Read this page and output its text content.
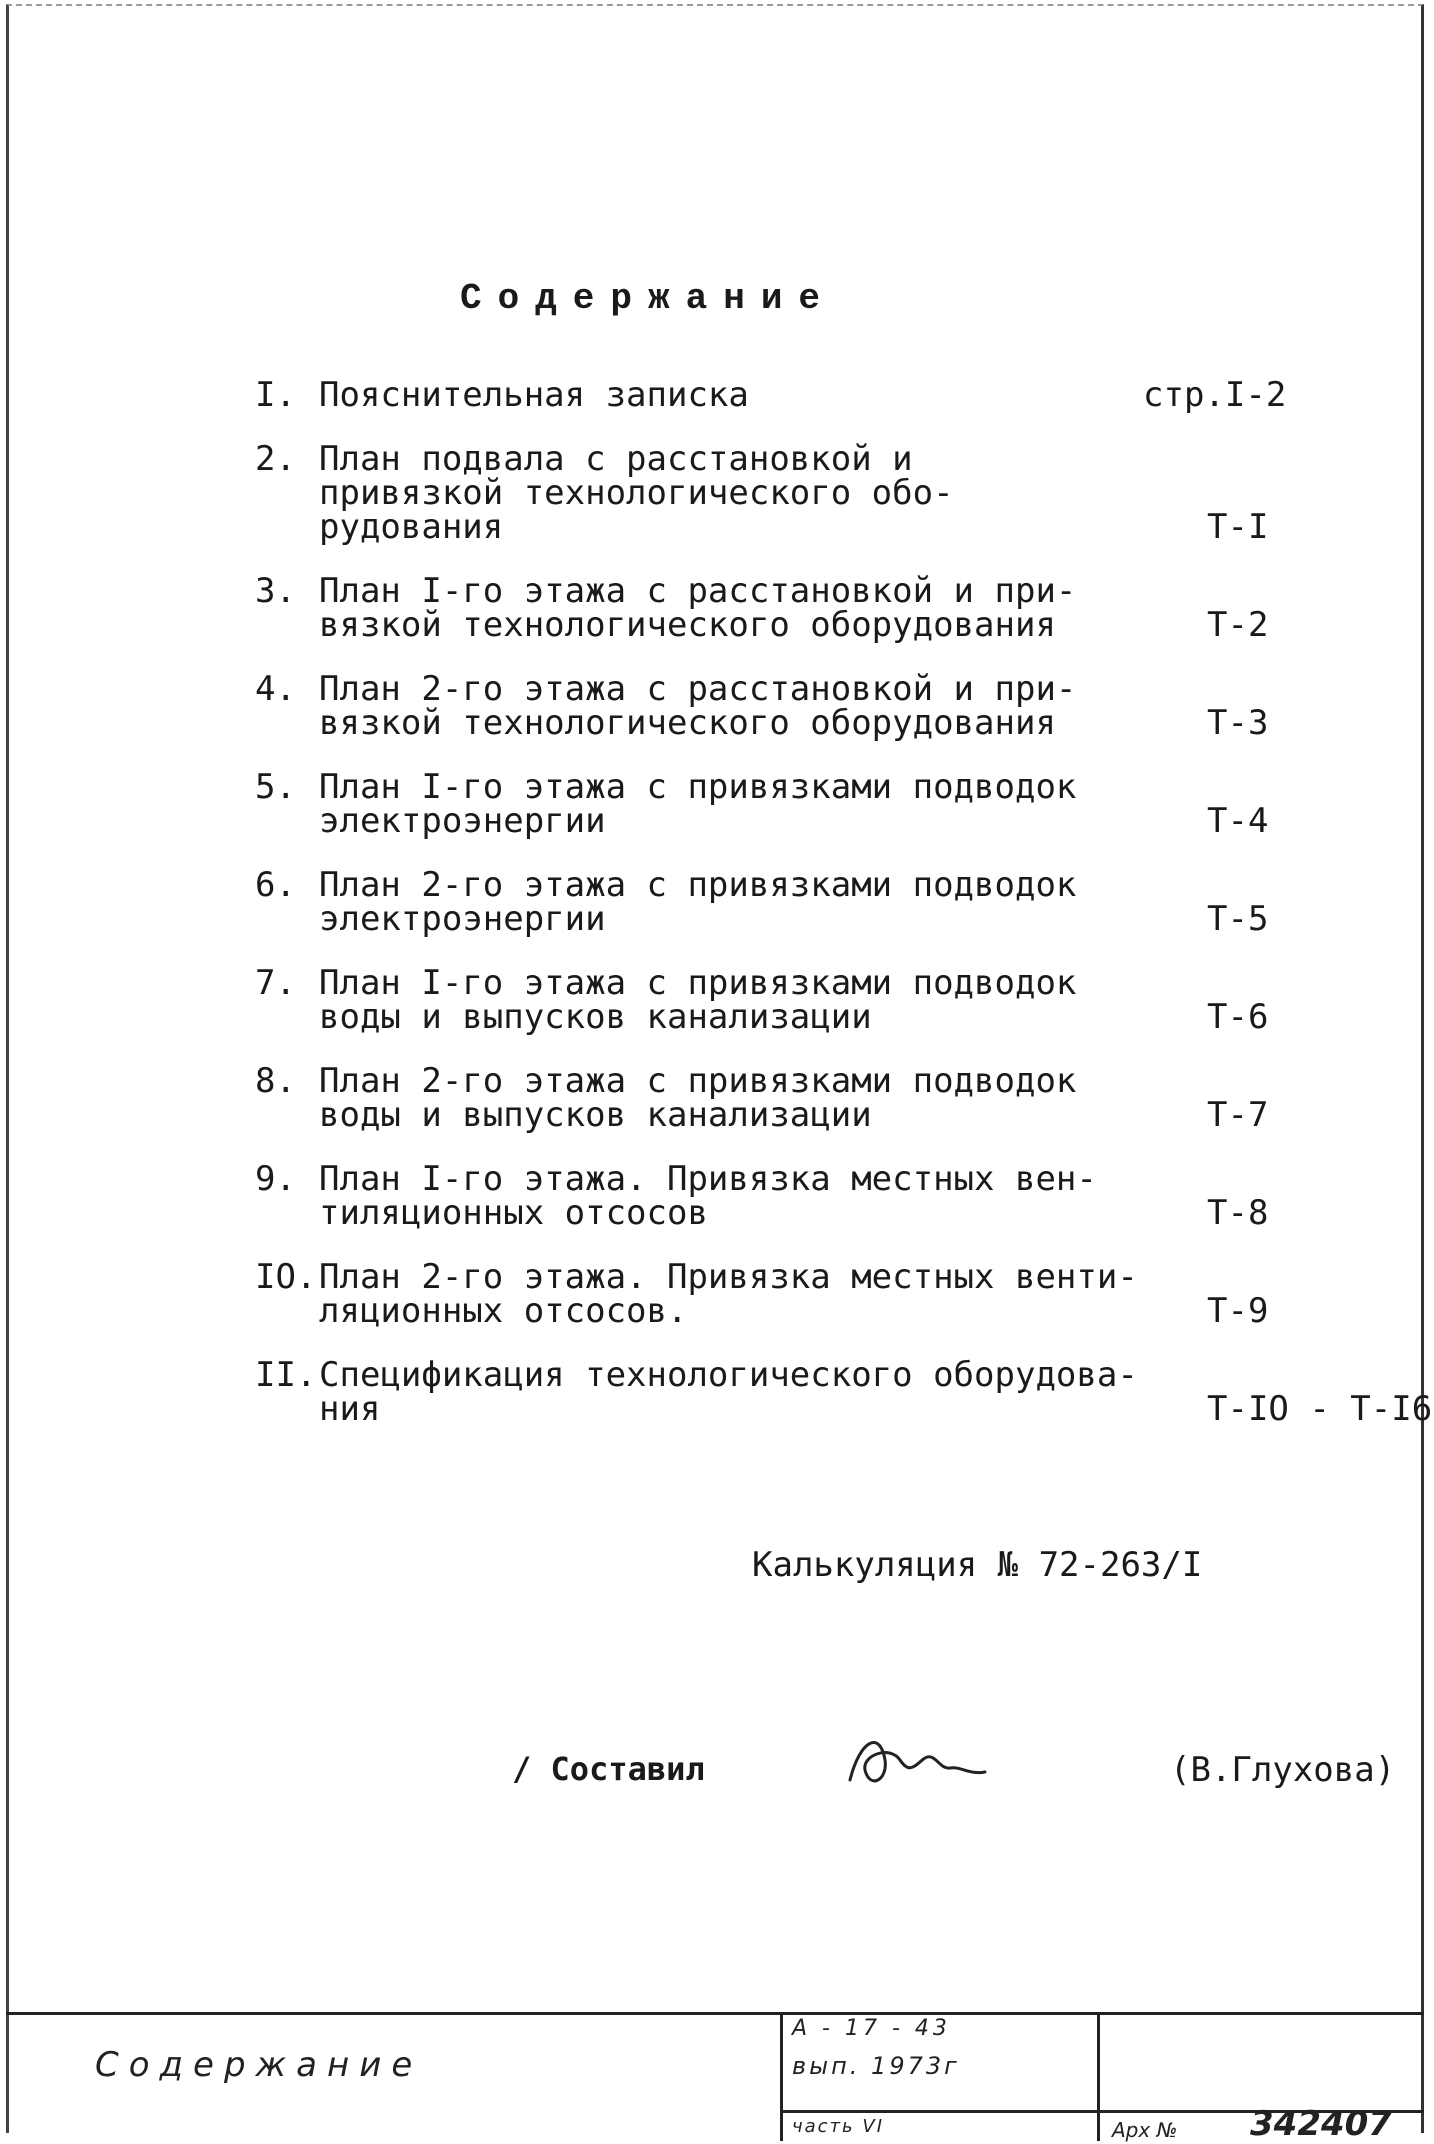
Содержание
I. Пояснительная записка	стр.I-2
2. План подвала с расстановкой и
привязкой технологического обо-
рудования	Т-I
3. План I-го этажа с расстановкой и при-
вязкой технологического оборудования	Т-2
4. План 2-го этажа с расстановкой и при-
вязкой технологического оборудования	Т-3
5. План I-го этажа с привязками подводок
электроэнергии	Т-4
6. План 2-го этажа с привязками подводок
электроэнергии	Т-5
7. План I-го этажа с привязками подводок
воды и выпусков канализации	Т-6
8. План 2-го этажа с привязками подводок
воды и выпусков канализации	Т-7
9. План I-го этажа. Привязка местных вен-
тиляционных отсосов	Т-8
IO. План 2-го этажа. Привязка местных венти-
ляционных отсосов.	Т-9
II. Спецификация технологического оборудова-
ния	Т-IO - Т-I6
Калькуляция № 72-263/I
/ Составил	(В.Глухова)
Содержание
А - 17 - 43
вып. 1973г
часть VI	Арх № 342407
